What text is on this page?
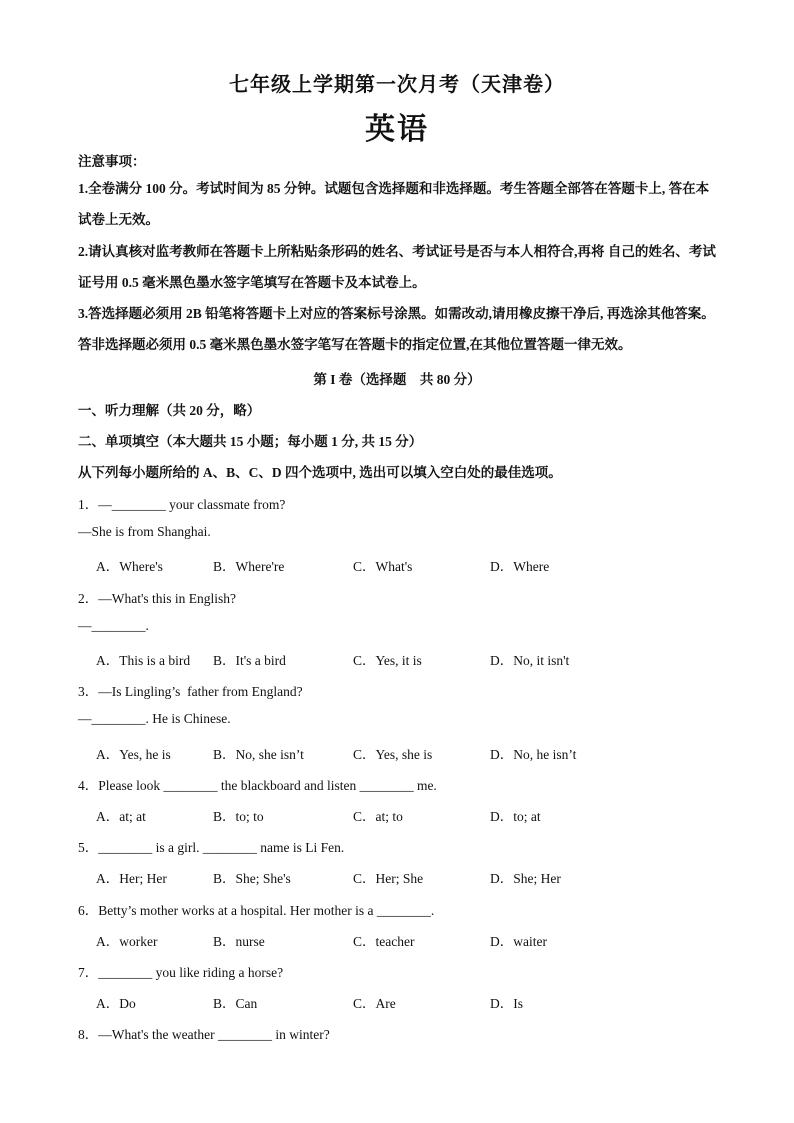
七年级上学期第一次月考（天津卷）
英语
注意事项：
1.全卷满分 100 分。考试时间为 85 分钟。试题包含选择题和非选择题。考生答题全部答在答题卡上, 答在本试卷上无效。
2.请认真核对监考教师在答题卡上所粘贴条形码的姓名、考试证号是否与本人相符合,再将 自己的姓名、考试证号用 0.5 毫米黑色墨水签字笔填写在答题卡及本试卷上。
3.答选择题必须用 2B 铅笔将答题卡上对应的答案标号涂黑。如需改动,请用橡皮擦干净后, 再选涂其他答案。答非选择题必须用 0.5 毫米黑色墨水签字笔写在答题卡的指定位置,在其他位置答题一律无效。
第 I 卷（选择题　共 80 分）
一、听力理解（共 20 分，略）
二、单项填空（本大题共 15 小题；每小题 1 分, 共 15 分）
从下列每小题所给的 A、B、C、D 四个选项中, 选出可以填入空白处的最佳选项。
1．—________ your classmate from?
—She is from Shanghai.

A．Where's

	B．Where're

	C．What's

	D．Where

2．—What's this in English?
—________.

A．This is a bird

B．It's a bird

	C．Yes, it is

	D．No, it isn't

3．—Is Lingling’s  father from England?
—________. He is Chinese.

A．Yes, he is

	B．No, she isn’t

	C．Yes, she is

	D．No, he isn’t

4．Please look ________ the blackboard and listen ________ me.

A．at; at

	B．to; to

	C．at; to

	D．to; at

5．________ is a girl. ________ name is Li Fen.

A．Her; Her

	B．She; She's

	C．Her; She

	D．She; Her

6．Betty’s mother works at a hospital. Her mother is a ________.

A．worker

	B．nurse

	C．teacher

	D．waiter

7．________ you like riding a horse?

A．Do

	B．Can

	C．Are

	D．Is

8．—What's the weather ________ in winter?
